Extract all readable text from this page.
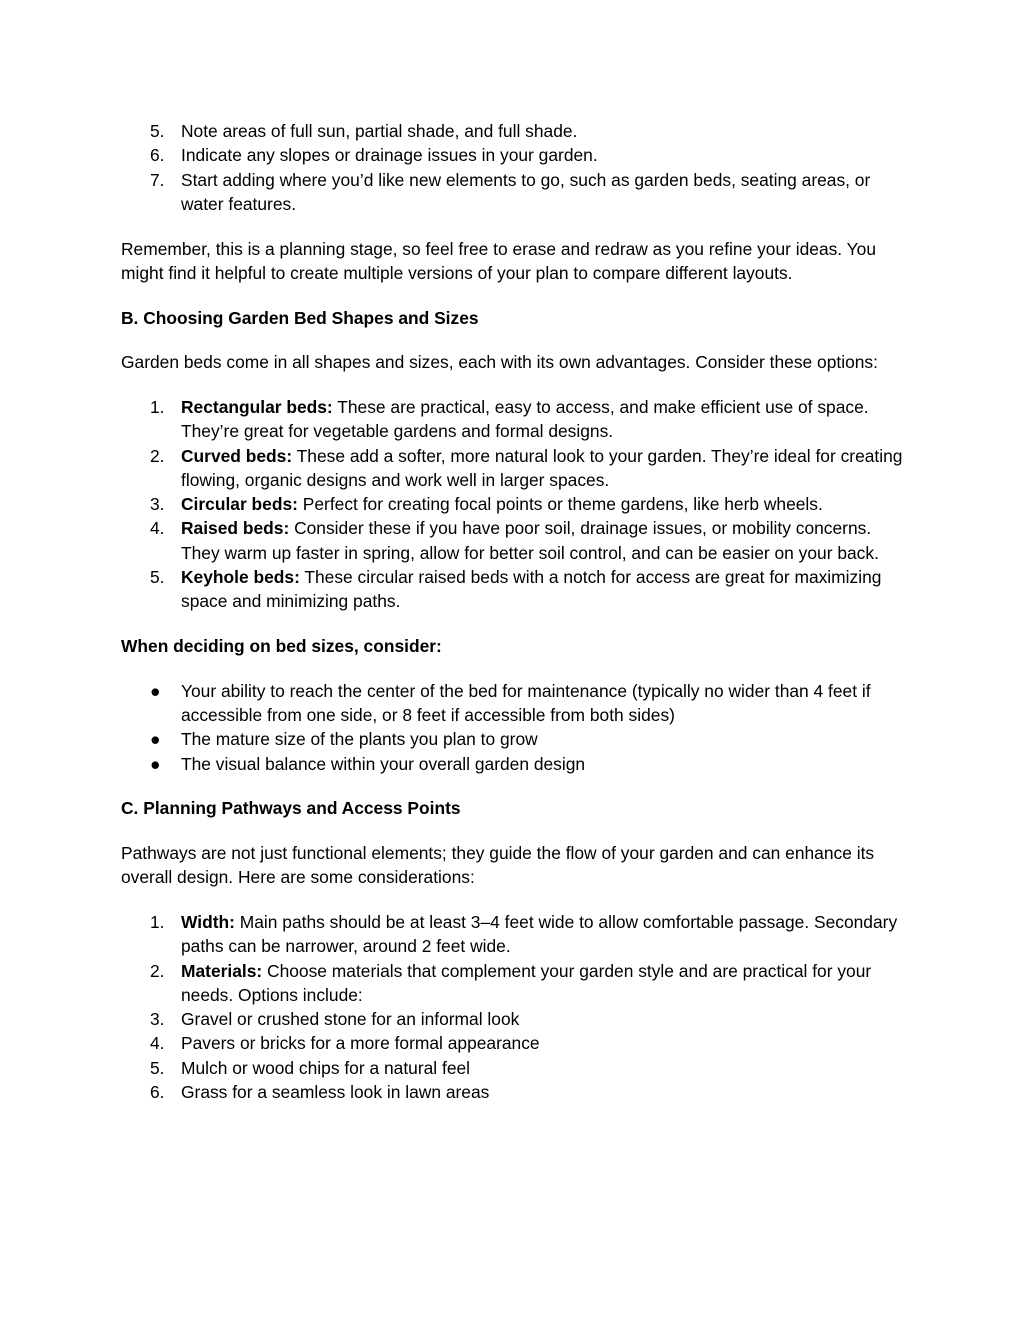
5. Note areas of full sun, partial shade, and full shade.
6. Indicate any slopes or drainage issues in your garden.
7. Start adding where you’d like new elements to go, such as garden beds, seating areas, or water features.

Remember, this is a planning stage, so feel free to erase and redraw as you refine your ideas. You might find it helpful to create multiple versions of your plan to compare different layouts.

B. Choosing Garden Bed Shapes and Sizes

Garden beds come in all shapes and sizes, each with its own advantages. Consider these options:

1. Rectangular beds: These are practical, easy to access, and make efficient use of space. They’re great for vegetable gardens and formal designs.
2. Curved beds: These add a softer, more natural look to your garden. They’re ideal for creating flowing, organic designs and work well in larger spaces.
3. Circular beds: Perfect for creating focal points or theme gardens, like herb wheels.
4. Raised beds: Consider these if you have poor soil, drainage issues, or mobility concerns. They warm up faster in spring, allow for better soil control, and can be easier on your back.
5. Keyhole beds: These circular raised beds with a notch for access are great for maximizing space and minimizing paths.

When deciding on bed sizes, consider:

● Your ability to reach the center of the bed for maintenance (typically no wider than 4 feet if accessible from one side, or 8 feet if accessible from both sides)
● The mature size of the plants you plan to grow
● The visual balance within your overall garden design

C. Planning Pathways and Access Points

Pathways are not just functional elements; they guide the flow of your garden and can enhance its overall design. Here are some considerations:

1. Width: Main paths should be at least 3–4 feet wide to allow comfortable passage. Secondary paths can be narrower, around 2 feet wide.
2. Materials: Choose materials that complement your garden style and are practical for your needs. Options include:
3. Gravel or crushed stone for an informal look
4. Pavers or bricks for a more formal appearance
5. Mulch or wood chips for a natural feel
6. Grass for a seamless look in lawn areas
